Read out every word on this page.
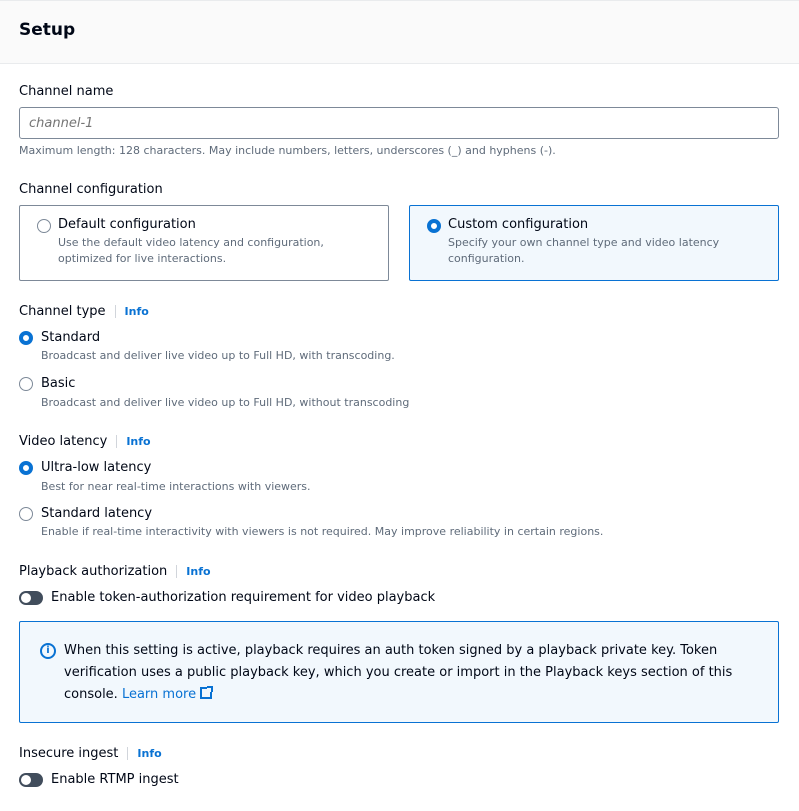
Setup
Channel name
channel-1
Maximum length: 128 characters. May include numbers, letters, underscores (_) and hyphens (-).
Channel configuration
Default configuration
Use the default video latency and configuration, optimized for live interactions.
Custom configuration
Specify your own channel type and video latency configuration.
Channel type Info
Standard
Broadcast and deliver live video up to Full HD, with transcoding.
Basic
Broadcast and deliver live video up to Full HD, without transcoding
Video latency Info
Ultra-low latency
Best for near real-time interactions with viewers.
Standard latency
Enable if real-time interactivity with viewers is not required. May improve reliability in certain regions.
Playback authorization Info
Enable token-authorization requirement for video playback
i	When this setting is active, playback requires an auth token signed by a playback private key. Token verification uses a public playback key, which you create or import in the Playback keys section of this console. Learn more
Insecure ingest Info
Enable RTMP ingest
